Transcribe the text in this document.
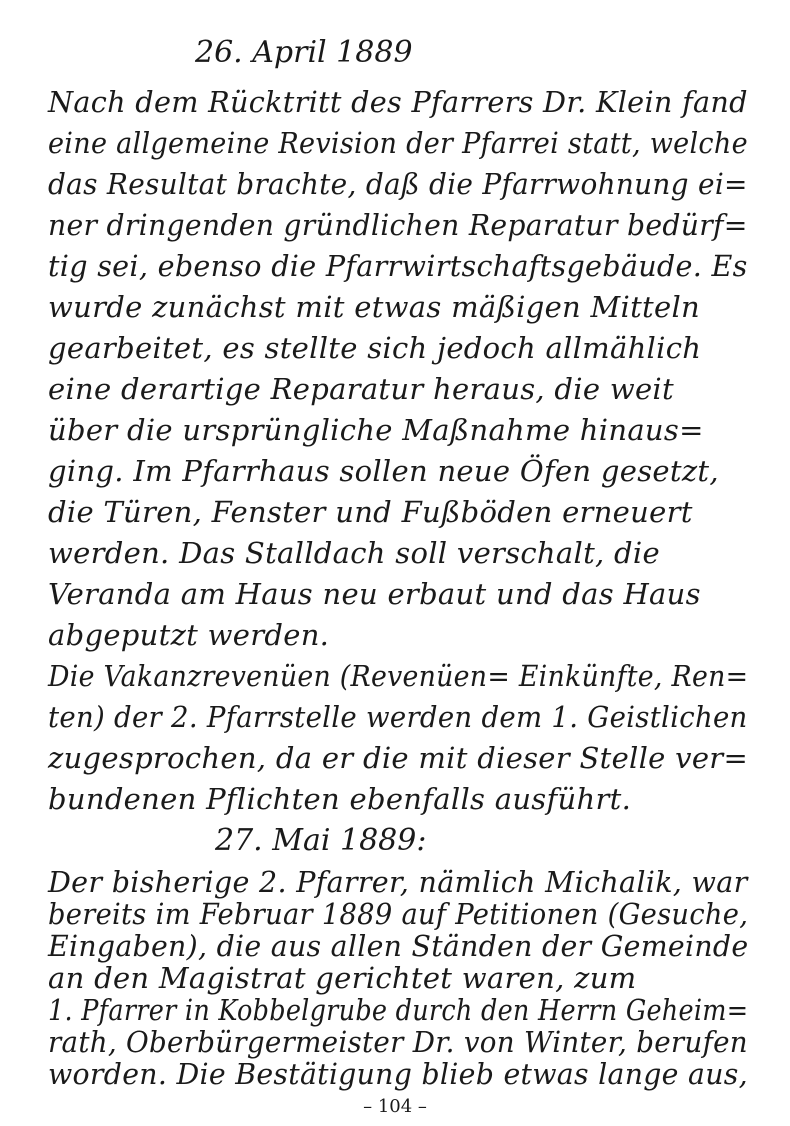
26. April 1889
Nach dem Rücktritt des Pfarrers Dr. Klein fand
eine allgemeine Revision der Pfarrei statt, welche
das Resultat brachte, daß die Pfarrwohnung ei=
ner dringenden gründlichen Reparatur bedürf=
tig sei, ebenso die Pfarrwirtschaftsgebäude. Es
wurde zunächst mit etwas mäßigen Mitteln
gearbeitet, es stellte sich jedoch allmählich
eine derartige Reparatur heraus, die weit
über die ursprüngliche Maßnahme hinaus=
ging. Im Pfarrhaus sollen neue Öfen gesetzt,
die Türen, Fenster und Fußböden erneuert
werden. Das Stalldach soll verschalt, die
Veranda am Haus neu erbaut und das Haus
abgeputzt werden.
Die Vakanzrevenüen (Revenüen= Einkünfte, Ren=
ten) der 2. Pfarrstelle werden dem 1. Geistlichen
zugesprochen, da er die mit dieser Stelle ver=
bundenen Pflichten ebenfalls ausführt.
27. Mai 1889:
Der bisherige 2. Pfarrer, nämlich Michalik, war
bereits im Februar 1889 auf Petitionen (Gesuche,
Eingaben), die aus allen Ständen der Gemeinde
an den Magistrat gerichtet waren, zum
1. Pfarrer in Kobbelgrube durch den Herrn Geheim=
rath, Oberbürgermeister Dr. von Winter, berufen
worden. Die Bestätigung blieb etwas lange aus,
– 104 –
